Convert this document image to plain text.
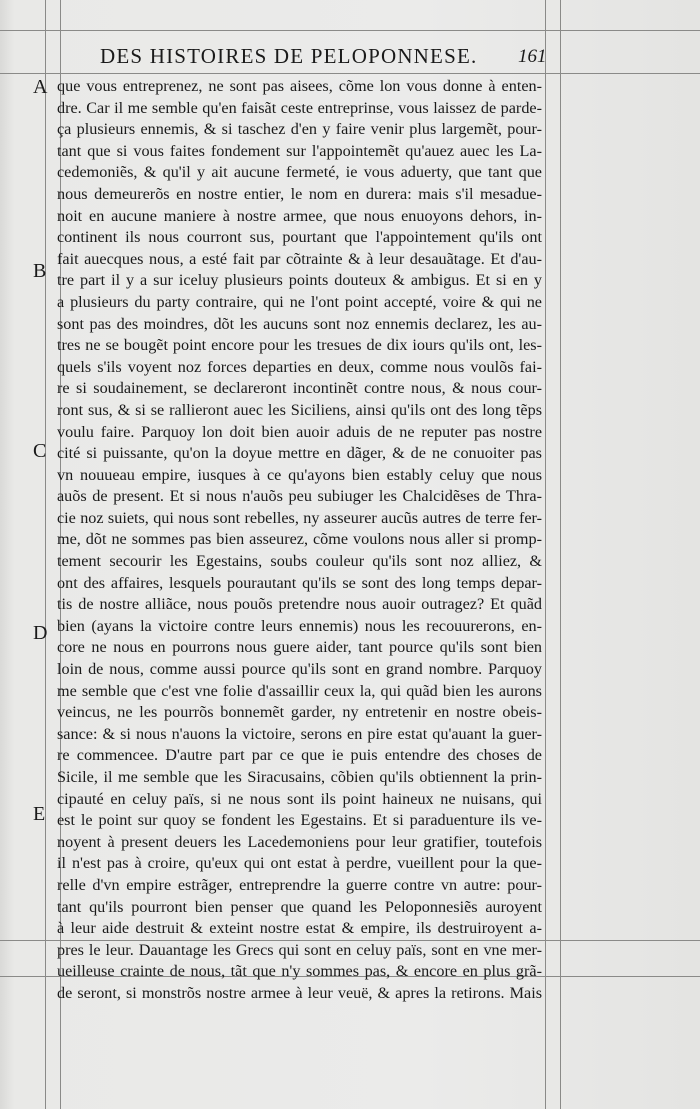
DES HISTOIRES DE PELOPONNESE.	161
A
B
C
D
E
que vous entreprenez, ne sont pas aisees, cõme lon vous donne à enten-
dre. Car il me semble qu'en faisãt ceste entreprinse, vous laissez de parde-
ça plusieurs ennemis, & si taschez d'en y faire venir plus largemẽt, pour-
tant que si vous faites fondement sur l'appointemẽt qu'auez auec les La-
cedemoniẽs, & qu'il y ait aucune fermeté, ie vous aduerty, que tant que
nous demeurerõs en nostre entier, le nom en durera: mais s'il mesadue-
noit en aucune maniere à nostre armee, que nous enuoyons dehors, in-
continent ils nous courront sus, pourtant que l'appointement qu'ils ont
fait auecques nous, a esté fait par cõtrainte & à leur desauãtage. Et d'au-
tre part il y a sur iceluy plusieurs points douteux & ambigus. Et si en y
a plusieurs du party contraire, qui ne l'ont point accepté, voire & qui ne
sont pas des moindres, dõt les aucuns sont noz ennemis declarez, les au-
tres ne se bougẽt point encore pour les tresues de dix iours qu'ils ont, les-
quels s'ils voyent noz forces departies en deux, comme nous voulõs fai-
re si soudainement, se declareront incontinẽt contre nous, & nous cour-
ront sus, & si se rallieront auec les Siciliens, ainsi qu'ils ont des long tẽps
voulu faire. Parquoy lon doit bien auoir aduis de ne reputer pas nostre
cité si puissante, qu'on la doyue mettre en dãger, & de ne conuoiter pas
vn nouueau empire, iusques à ce qu'ayons bien estably celuy que nous
auõs de present. Et si nous n'auõs peu subiuger les Chalcidẽses de Thra-
cie noz suiets, qui nous sont rebelles, ny asseurer aucũs autres de terre fer-
me, dõt ne sommes pas bien asseurez, cõme voulons nous aller si promp-
tement secourir les Egestains, soubs couleur qu'ils sont noz alliez, &
ont des affaires, lesquels pourautant qu'ils se sont des long temps depar-
tis de nostre alliãce, nous pouõs pretendre nous auoir outragez? Et quãd
bien (ayans la victoire contre leurs ennemis) nous les recouurerons, en-
core ne nous en pourrons nous guere aider, tant pource qu'ils sont bien
loin de nous, comme aussi pource qu'ils sont en grand nombre. Parquoy
me semble que c'est vne folie d'assaillir ceux la, qui quãd bien les aurons
veincus, ne les pourrõs bonnemẽt garder, ny entretenir en nostre obeis-
sance: & si nous n'auons la victoire, serons en pire estat qu'auant la guer-
re commencee. D'autre part par ce que ie puis entendre des choses de
Sicile, il me semble que les Siracusains, cõbien qu'ils obtiennent la prin-
cipauté en celuy païs, si ne nous sont ils point haineux ne nuisans, qui
est le point sur quoy se fondent les Egestains. Et si paraduenture ils ve-
noyent à present deuers les Lacedemoniens pour leur gratifier, toutefois
il n'est pas à croire, qu'eux qui ont estat à perdre, vueillent pour la que-
relle d'vn empire estrãger, entreprendre la guerre contre vn autre: pour-
tant qu'ils pourront bien penser que quand les Peloponnesiẽs auroyent
à leur aide destruit & exteint nostre estat & empire, ils destruiroyent a-
pres le leur. Dauantage les Grecs qui sont en celuy païs, sont en vne mer-
ueilleuse crainte de nous, tãt que n'y sommes pas, & encore en plus grã-
de seront, si monstrõs nostre armee à leur veuë, & apres la retirons. Mais
